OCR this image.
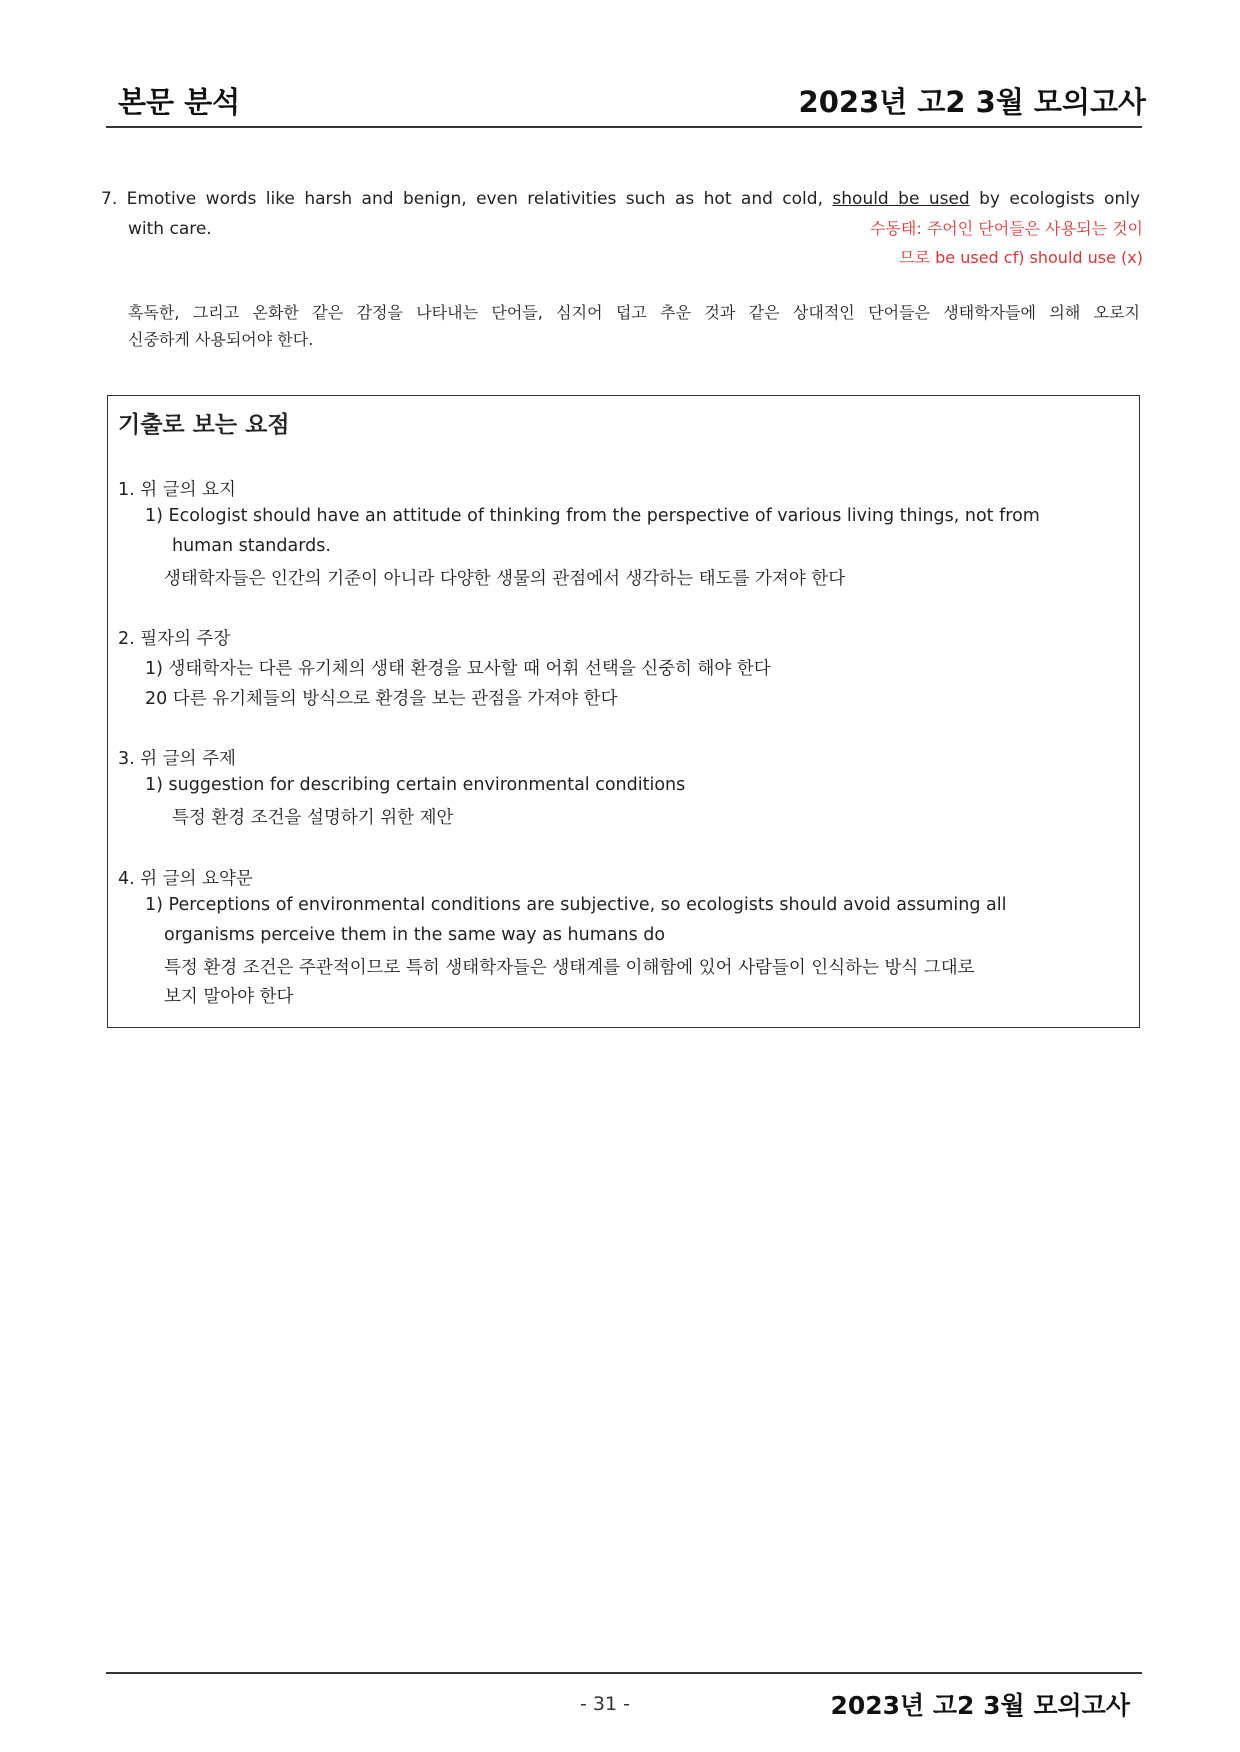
본문 분석	2023년 고2 3월 모의고사
7. Emotive words like harsh and benign, even relativities such as hot and cold, should be used by ecologists only
with care.	수동태: 주어인 단어들은 사용되는 것이
므로 be used cf) should use (x)
혹독한, 그리고 온화한 같은 감정을 나타내는 단어들, 심지어 덥고 추운 것과 같은 상대적인 단어들은 생태학자들에 의해 오로지
신중하게 사용되어야 한다.
기출로 보는 요점
1. 위 글의 요지
1) Ecologist should have an attitude of thinking from the perspective of various living things, not from
human standards.
생태학자들은 인간의 기준이 아니라 다양한 생물의 관점에서 생각하는 태도를 가져야 한다
2. 필자의 주장
1) 생태학자는 다른 유기체의 생태 환경을 묘사할 때 어휘 선택을 신중히 해야 한다
20 다른 유기체들의 방식으로 환경을 보는 관점을 가져야 한다
3. 위 글의 주제
1) suggestion for describing certain environmental conditions
특정 환경 조건을 설명하기 위한 제안
4. 위 글의 요약문
1) Perceptions of environmental conditions are subjective, so ecologists should avoid assuming all
organisms perceive them in the same way as humans do
특정 환경 조건은 주관적이므로 특히 생태학자들은 생태계를 이해함에 있어 사람들이 인식하는 방식 그대로
보지 말아야 한다
- 31 -	2023년 고2 3월 모의고사
